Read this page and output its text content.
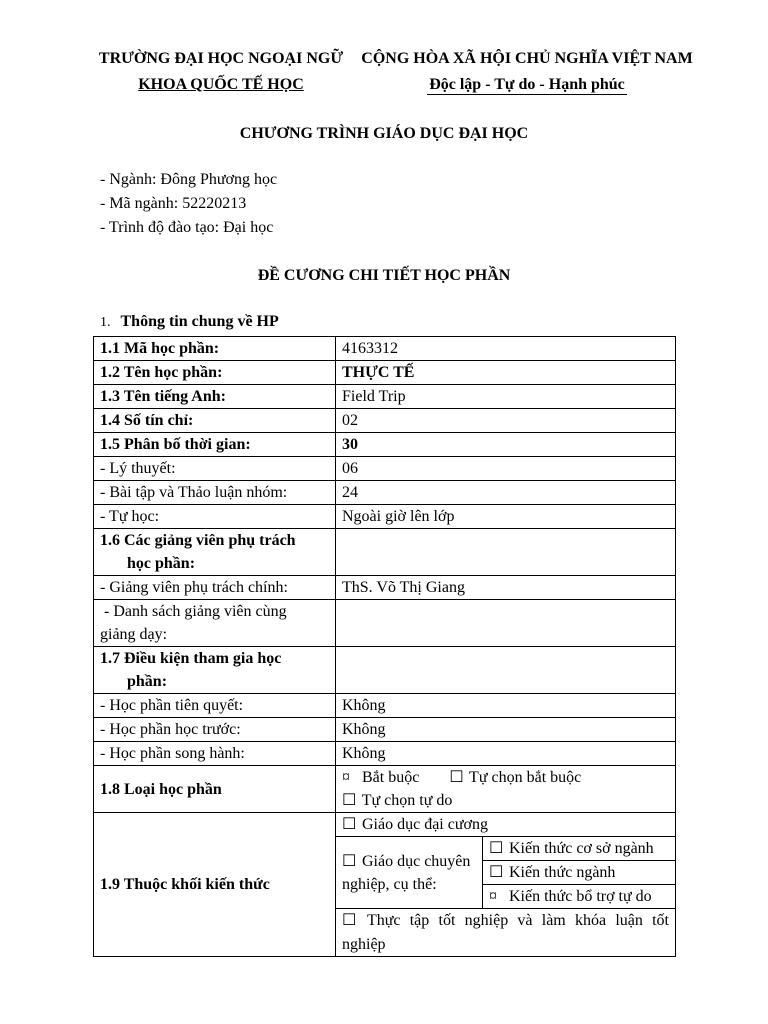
TRƯỜNG ĐẠI HỌC NGOẠI NGỮ
KHOA QUỐC TẾ HỌC
CỘNG HÒA XÃ HỘI CHỦ NGHĨA VIỆT NAM
Độc lập - Tự do - Hạnh phúc
CHƯƠNG TRÌNH GIÁO DỤC ĐẠI HỌC
- Ngành: Đông Phương học
- Mã ngành: 52220213
- Trình độ đào tạo: Đại học
ĐỀ CƯƠNG CHI TIẾT HỌC PHẦN
1. Thông tin chung về HP
1.1 Mã học phần:	4163312	
1.2 Tên học phần:	THỰC TẾ	
1.3 Tên tiếng Anh:	Field Trip	
1.4 Số tín chỉ:	02	
1.5 Phân bố thời gian:	30	
- Lý thuyết:	06	
- Bài tập và Thảo luận nhóm:	24	
- Tự học:	Ngoài giờ lên lớp	
1.6 Các giảng viên phụ trách
học phần:		

- Giảng viên phụ trách chính:	ThS. Võ Thị Giang	

- Danh sách giảng viên cùng
giảng dạy:		

1.7 Điều kiện tham gia học
phần:		

- Học phần tiên quyết:	Không	
- Học phần học trước:	Không	
- Học phần song hành:	Không	
1.8 Loại học phần	¤ Bắt buộc ☐ Tự chọn bắt buộc
☐ Tự chọn tự do	

1.9 Thuộc khối kiến thức	☐ Giáo dục đại cương	

	☐ Giáo dục chuyên
nghiệp, cụ thể:	☐ Kiến thức cơ sở ngành
		☐ Kiến thức ngành
		¤ Kiến thức bổ trợ tự do
	☐ Thực tập tốt nghiệp và làm khóa luận tốt nghiệp	
